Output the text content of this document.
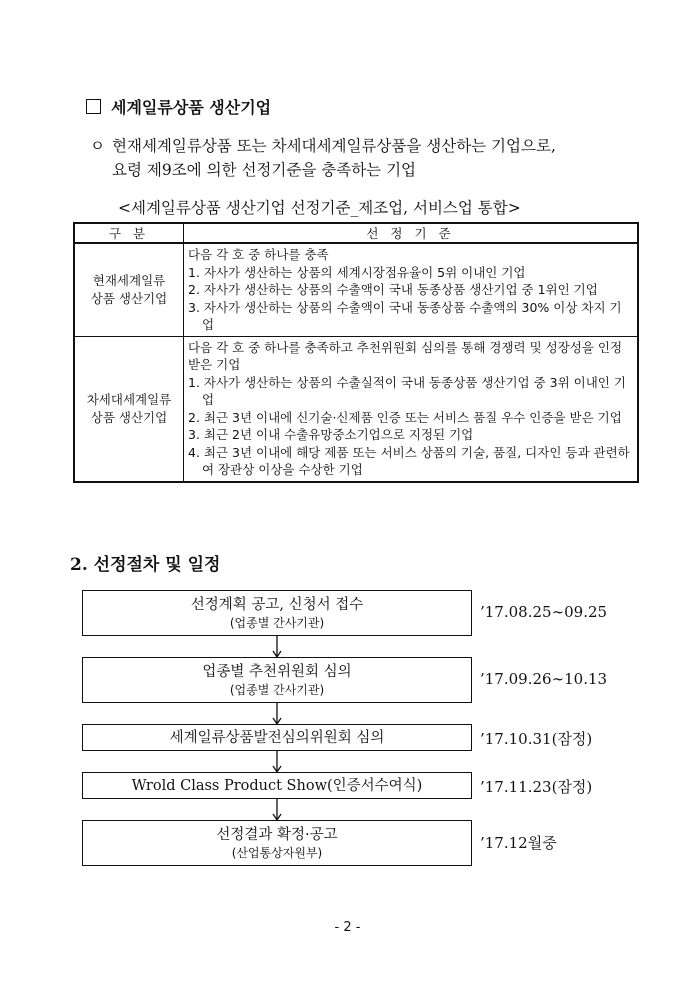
세계일류상품 생산기업
ㅇ 현재세계일류상품 또는 차세대세계일류상품을 생산하는 기업으로,
요령 제9조에 의한 선정기준을 충족하는 기업
<세계일류상품 생산기업 선정기준_제조업, 서비스업 통합>
구 분	선 정 기 준

현재세계일류
상품 생산기업	다음 각 호 중 하나를 충족
1. 자사가 생산하는 상품의 세계시장점유율이 5위 이내인 기업
2. 자사가 생산하는 상품의 수출액이 국내 동종상품 생산기업 중 1위인 기업
3. 자사가 생산하는 상품의 수출액이 국내 동종상품 수출액의 30% 이상 차지 기업

차세대세계일류
상품 생산기업	다음 각 호 중 하나를 충족하고 추천위원회 심의를 통해 경쟁력 및 성장성을 인정받은 기업
1. 자사가 생산하는 상품의 수출실적이 국내 동종상품 생산기업 중 3위 이내인 기업
2. 최근 3년 이내에 신기술·신제품 인증 또는 서비스 품질 우수 인증을 받은 기업
3. 최근 2년 이내 수출유망중소기업으로 지정된 기업
4. 최근 3년 이내에 해당 제품 또는 서비스 상품의 기술, 품질, 디자인 등과 관련하여 장관상 이상을 수상한 기업
2. 선정절차 및 일정
선정계획 공고, 신청서 접수
(업종별 간사기관)
’17.08.25∼09.25
업종별 추천위원회 심의
(업종별 간사기관)
’17.09.26∼10.13
세계일류상품발전심의위원회 심의	’17.10.31(잠정)
Wrold Class Product Show(인증서수여식)	’17.11.23(잠정)
선정결과 확정·공고
(산업통상자원부)
’17.12월중
- 2 -
